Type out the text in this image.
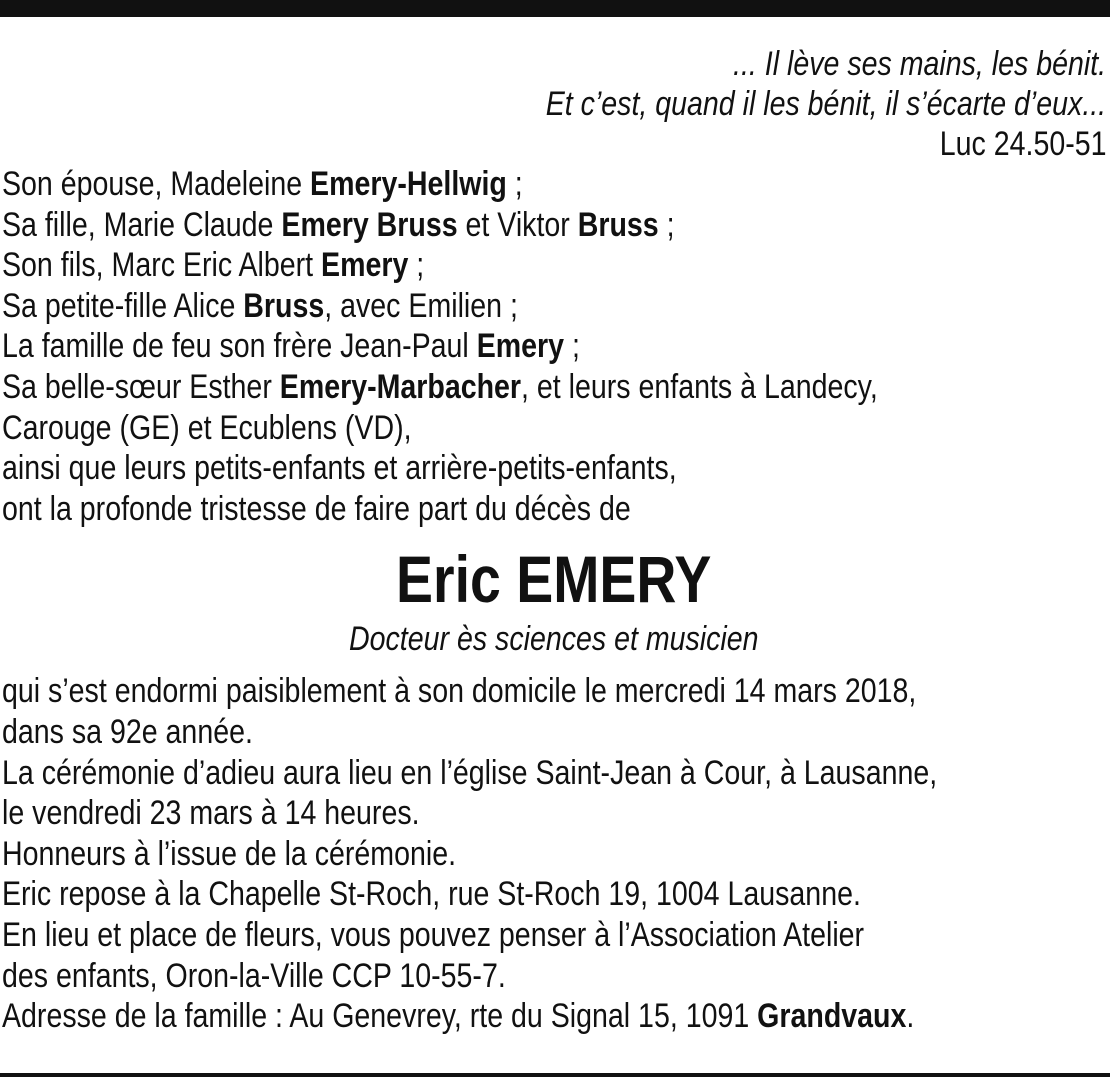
... Il lève ses mains, les bénit.
Et c’est, quand il les bénit, il s’écarte d’eux...
Luc 24.50-51
Son épouse, Madeleine Emery-Hellwig ;
Sa fille, Marie Claude Emery Bruss et Viktor Bruss ;
Son fils, Marc Eric Albert Emery ;
Sa petite-fille Alice Bruss, avec Emilien ;
La famille de feu son frère Jean-Paul Emery ;
Sa belle-sœur Esther Emery-Marbacher, et leurs enfants à Landecy,
Carouge (GE) et Ecublens (VD),
ainsi que leurs petits-enfants et arrière-petits-enfants,
ont la profonde tristesse de faire part du décès de
Eric EMERY
Docteur ès sciences et musicien
qui s’est endormi paisiblement à son domicile le mercredi 14 mars 2018,
dans sa 92e année.
La cérémonie d’adieu aura lieu en l’église Saint-Jean à Cour, à Lausanne,
le vendredi 23 mars à 14 heures.
Honneurs à l’issue de la cérémonie.
Eric repose à la Chapelle St-Roch, rue St-Roch 19, 1004 Lausanne.
En lieu et place de fleurs, vous pouvez penser à l’Association Atelier
des enfants, Oron-la-Ville CCP 10-55-7.
Adresse de la famille : Au Genevrey, rte du Signal 15, 1091 Grandvaux.
